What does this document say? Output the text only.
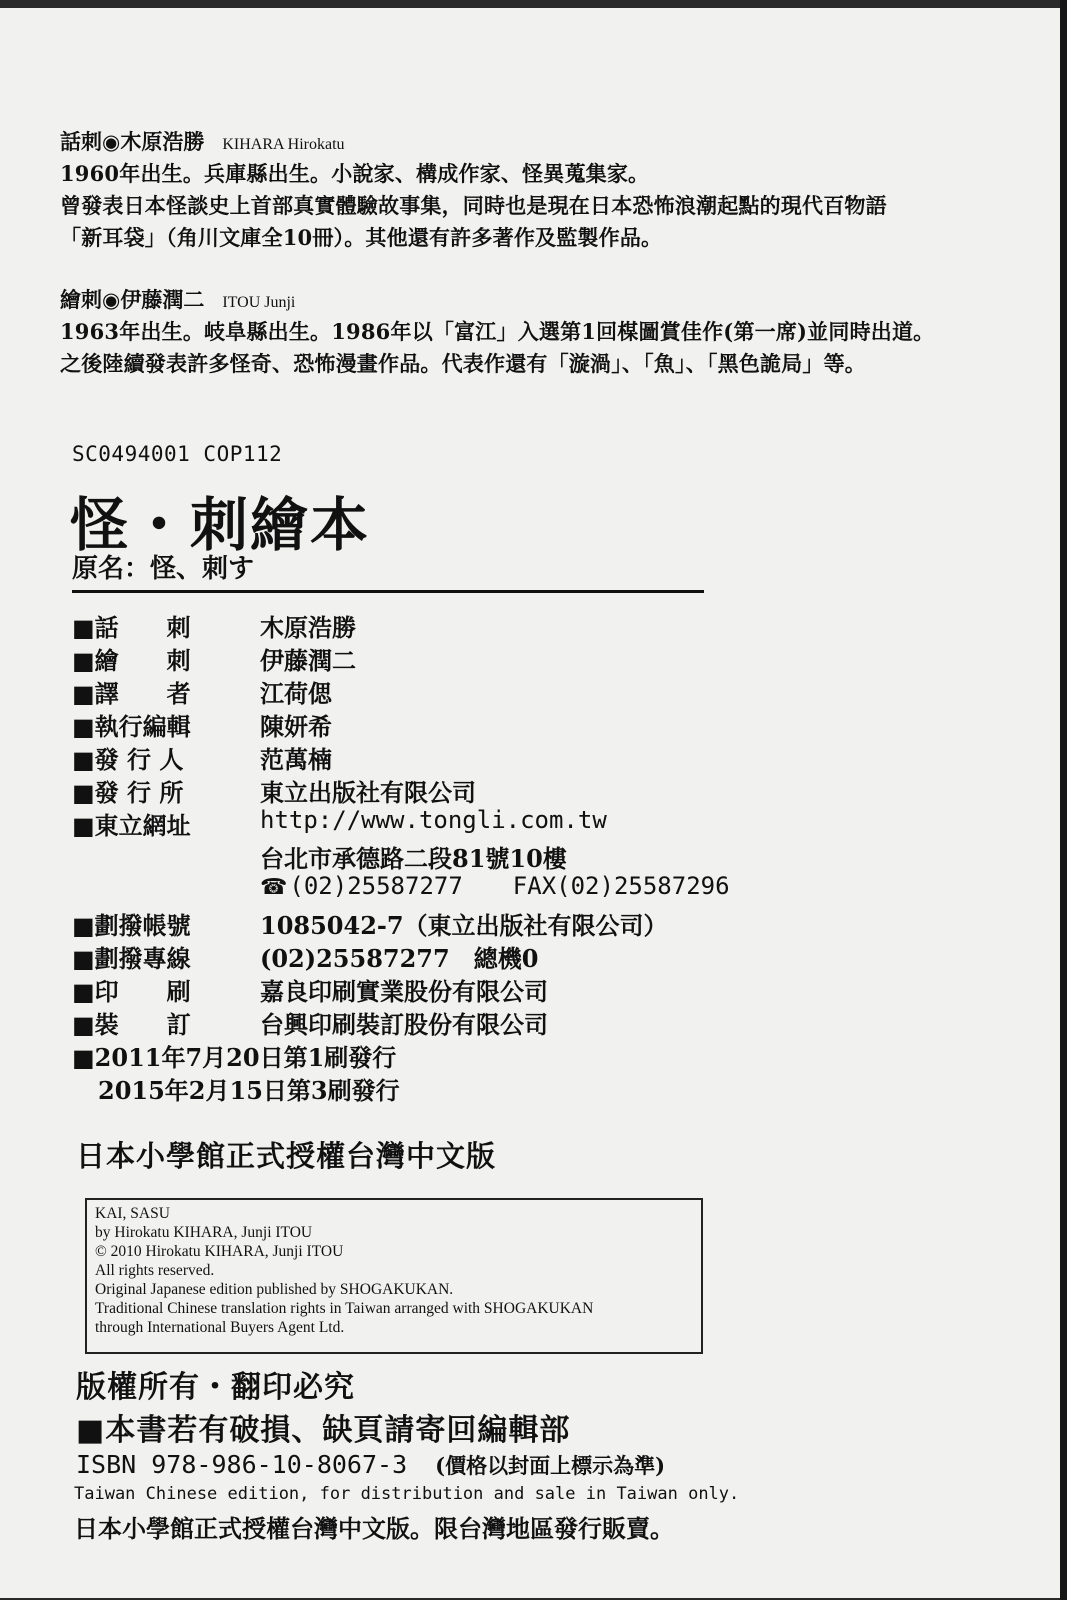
話刺◉木原浩勝 KIHARA Hirokatu
1960年出生。兵庫縣出生。小說家、構成作家、怪異蒐集家。
曾發表日本怪談史上首部真實體驗故事集，同時也是現在日本恐怖浪潮起點的現代百物語
「新耳袋」（角川文庫全10冊）。其他還有許多著作及監製作品。
繪刺◉伊藤潤二 ITOU Junji
1963年出生。岐阜縣出生。1986年以「富江」入選第1回楳圖賞佳作(第一席)並同時出道。
之後陸續發表許多怪奇、恐怖漫畫作品。代表作還有「漩渦」、「魚」、「黑色詭局」等。
SC0494001 COP112
怪・刺繪本
原名：怪、刺す
■話　　刺	木原浩勝
■繪　　刺	伊藤潤二
■譯　　者	江荷偲
■執行編輯	陳妍希
■發 行 人	范萬楠
■發 行 所	東立出版社有限公司
■東立網址	http://www.tongli.com.tw
台北市承德路二段81號10樓
☎(02)25587277 FAX(02)25587296
■劃撥帳號	1085042-7（東立出版社有限公司）
■劃撥專線	(02)25587277　總機0
■印　　刷	嘉良印刷實業股份有限公司
■裝　　訂	台興印刷裝訂股份有限公司
■2011年7月20日第1刷發行
2015年2月15日第3刷發行
日本小學館正式授權台灣中文版
KAI, SASU
by Hirokatu KIHARA, Junji ITOU
© 2010 Hirokatu KIHARA, Junji ITOU
All rights reserved.
Original Japanese edition published by SHOGAKUKAN.
Traditional Chinese translation rights in Taiwan arranged with SHOGAKUKAN
through International Buyers Agent Ltd.
版權所有・翻印必究
■本書若有破損、缺頁請寄回編輯部
ISBN 978-986-10-8067-3 (價格以封面上標示為準)
Taiwan Chinese edition, for distribution and sale in Taiwan only.
日本小學館正式授權台灣中文版。限台灣地區發行販賣。
